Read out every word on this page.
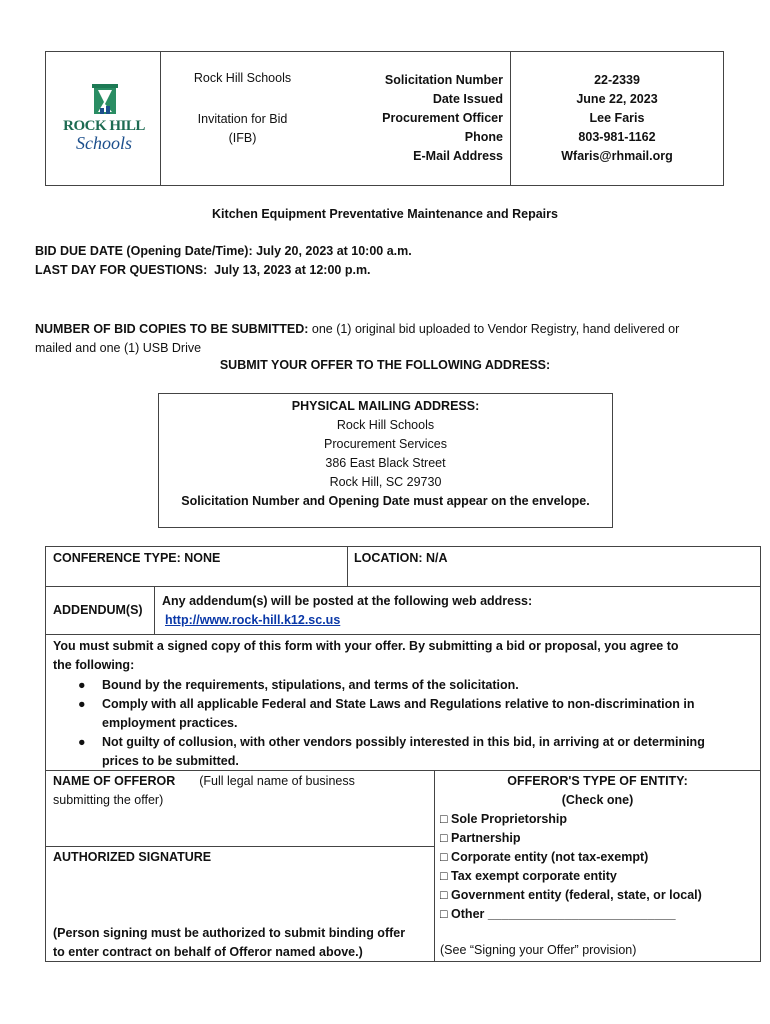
ROCK HILL
Schools
Rock Hill Schools
Invitation for Bid
(IFB)
Solicitation Number
Date Issued
Procurement Officer
Phone
E-Mail Address
22-2339
June 22, 2023
Lee Faris
803-981-1162
Wfaris@rhmail.org
Kitchen Equipment Preventative Maintenance and Repairs
BID DUE DATE (Opening Date/Time): July 20, 2023 at 10:00 a.m.
LAST DAY FOR QUESTIONS:  July 13, 2023 at 12:00 p.m.
NUMBER OF BID COPIES TO BE SUBMITTED: one (1) original bid uploaded to Vendor Registry, hand delivered or
mailed and one (1) USB Drive
SUBMIT YOUR OFFER TO THE FOLLOWING ADDRESS:
PHYSICAL MAILING ADDRESS:
Rock Hill Schools
Procurement Services
386 East Black Street
Rock Hill, SC 29730
Solicitation Number and Opening Date must appear on the envelope.
CONFERENCE TYPE: NONE	LOCATION: N/A
ADDENDUM(S)
Any addendum(s) will be posted at the following web address:
http://www.rock-hill.k12.sc.us
You must submit a signed copy of this form with your offer. By submitting a bid or proposal, you agree to
the following:
● Bound by the requirements, stipulations, and terms of the solicitation.
● Comply with all applicable Federal and State Laws and Regulations relative to non-discrimination in
employment practices.
● Not guilty of collusion, with other vendors possibly interested in this bid, in arriving at or determining
prices to be submitted.
NAME OF OFFEROR (Full legal name of business
submitting the offer)
AUTHORIZED SIGNATURE
(Person signing must be authorized to submit binding offer
to enter contract on behalf of Offeror named above.)
OFFEROR'S TYPE OF ENTITY:
(Check one)
□ Sole Proprietorship
□ Partnership
□ Corporate entity (not tax-exempt)
□ Tax exempt corporate entity
□ Government entity (federal, state, or local)
□ Other ___________________________
(See “Signing your Offer” provision)
